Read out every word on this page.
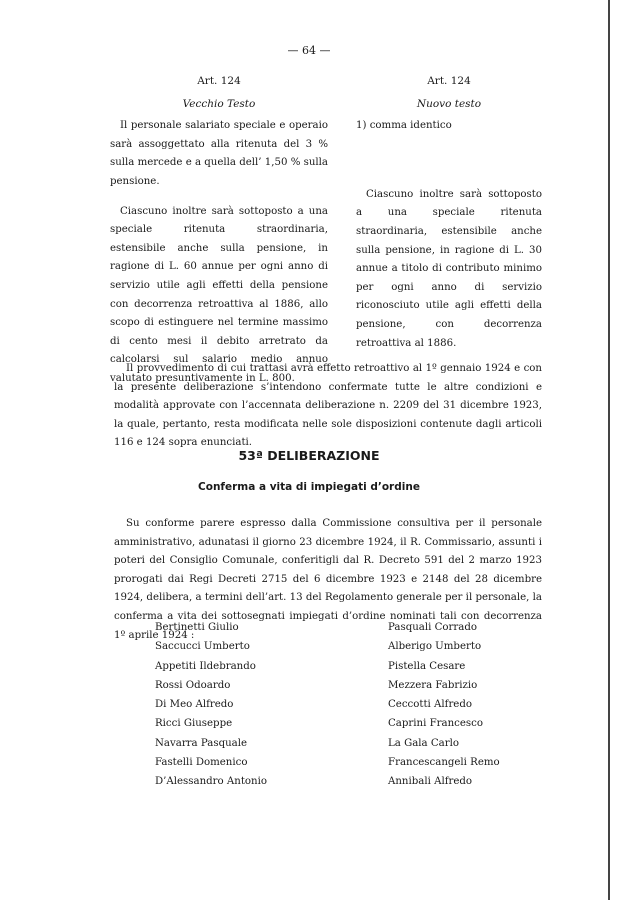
— 64 —
Art. 124
Vecchio Testo

Il personale salariato speciale e operaio sarà assoggettato alla ritenuta del 3 % sulla mercede e a quella dell’ 1,50 % sulla pensione.

Ciascuno inoltre sarà sottoposto a una speciale ritenuta straordinaria, estensibile anche sulla pensione, in ragione di L. 60 annue per ogni anno di servizio utile agli effetti della pensione con decorrenza retroattiva al 1886, allo scopo di estinguere nel termine massimo di cento mesi il debito arretrato da calcolarsi sul salario medio annuo valutato presuntivamente in L. 800.

Art. 124
Nuovo testo

1) comma identico

Ciascuno inoltre sarà sottoposto a una speciale ritenuta straordinaria, estensibile anche sulla pensione, in ragione di L. 30 annue a titolo di contributo minimo per ogni anno di servizio riconosciuto utile agli effetti della pensione, con decorrenza retroattiva al 1886.

Il provvedimento di cui trattasi avrà effetto retroattivo al 1º gennaio 1924 e con la presente deliberazione s’intendono confermate tutte le altre condizioni e modalità approvate con l’accennata deliberazione n. 2209 del 31 dicembre 1923, la quale, pertanto, resta modificata nelle sole disposizioni contenute dagli articoli 116 e 124 sopra enunciati.

53ª DELIBERAZIONE
Conferma a vita di impiegati d’ordine

Su conforme parere espresso dalla Commissione consultiva per il personale amministrativo, adunatasi il giorno 23 dicembre 1924, il R. Commissario, assunti i poteri del Consiglio Comunale, conferitigli dal R. Decreto 591 del 2 marzo 1923 prorogati dai Regi Decreti 2715 del 6 dicembre 1923 e 2148 del 28 dicembre 1924, delibera, a termini dell’art. 13 del Regolamento generale per il personale, la conferma a vita dei sottosegnati impiegati d’ordine nominati tali con decorrenza 1º aprile 1924 :

Bertinetti Giulio
Saccucci Umberto
Appetiti Ildebrando
Rossi Odoardo
Di Meo Alfredo
Ricci Giuseppe
Navarra Pasquale
Fastelli Domenico
D’Alessandro Antonio
Pasquali Corrado
Alberigo Umberto
Pistella Cesare
Mezzera Fabrizio
Ceccotti Alfredo
Caprini Francesco
La Gala Carlo
Francescangeli Remo
Annibali Alfredo
